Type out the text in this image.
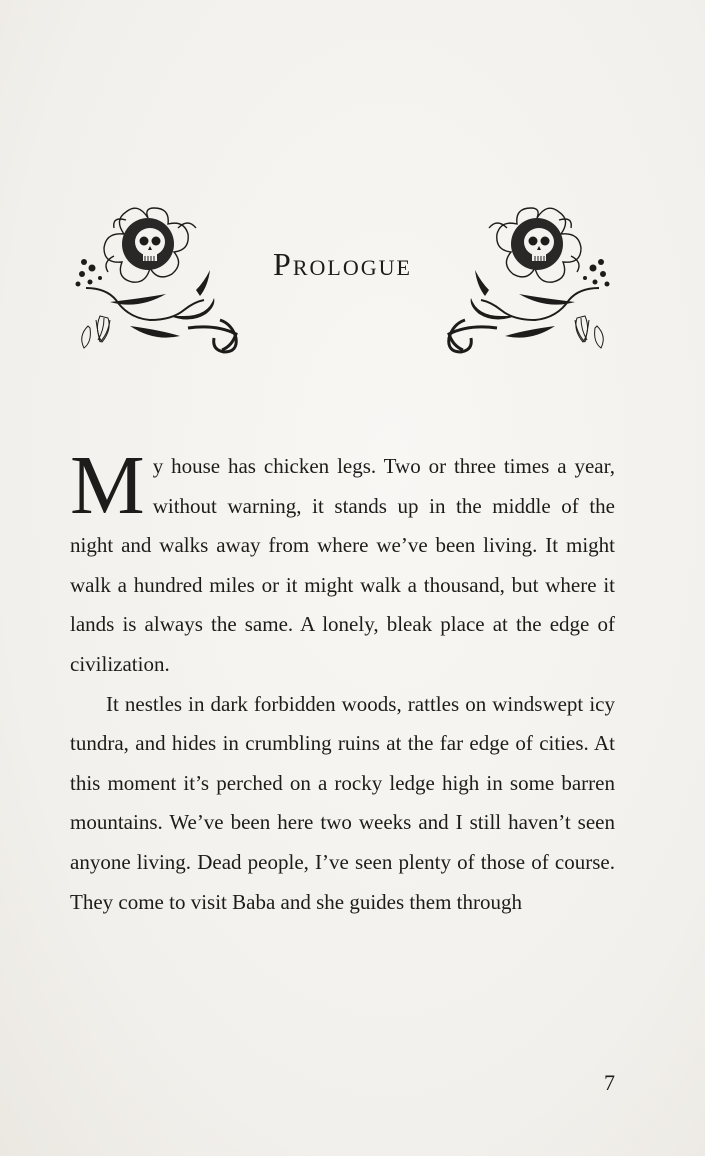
Prologue

My house has chicken legs. Two or three times a year, without warning, it stands up in the middle of the night and walks away from where we’ve been living. It might walk a hundred miles or it might walk a thousand, but where it lands is always the same. A lonely, bleak place at the edge of civilization.

It nestles in dark forbidden woods, rattles on windswept icy tundra, and hides in crumbling ruins at the far edge of cities. At this moment it’s perched on a rocky ledge high in some barren mountains. We’ve been here two weeks and I still haven’t seen anyone living. Dead people, I’ve seen plenty of those of course. They come to visit Baba and she guides them through

7
